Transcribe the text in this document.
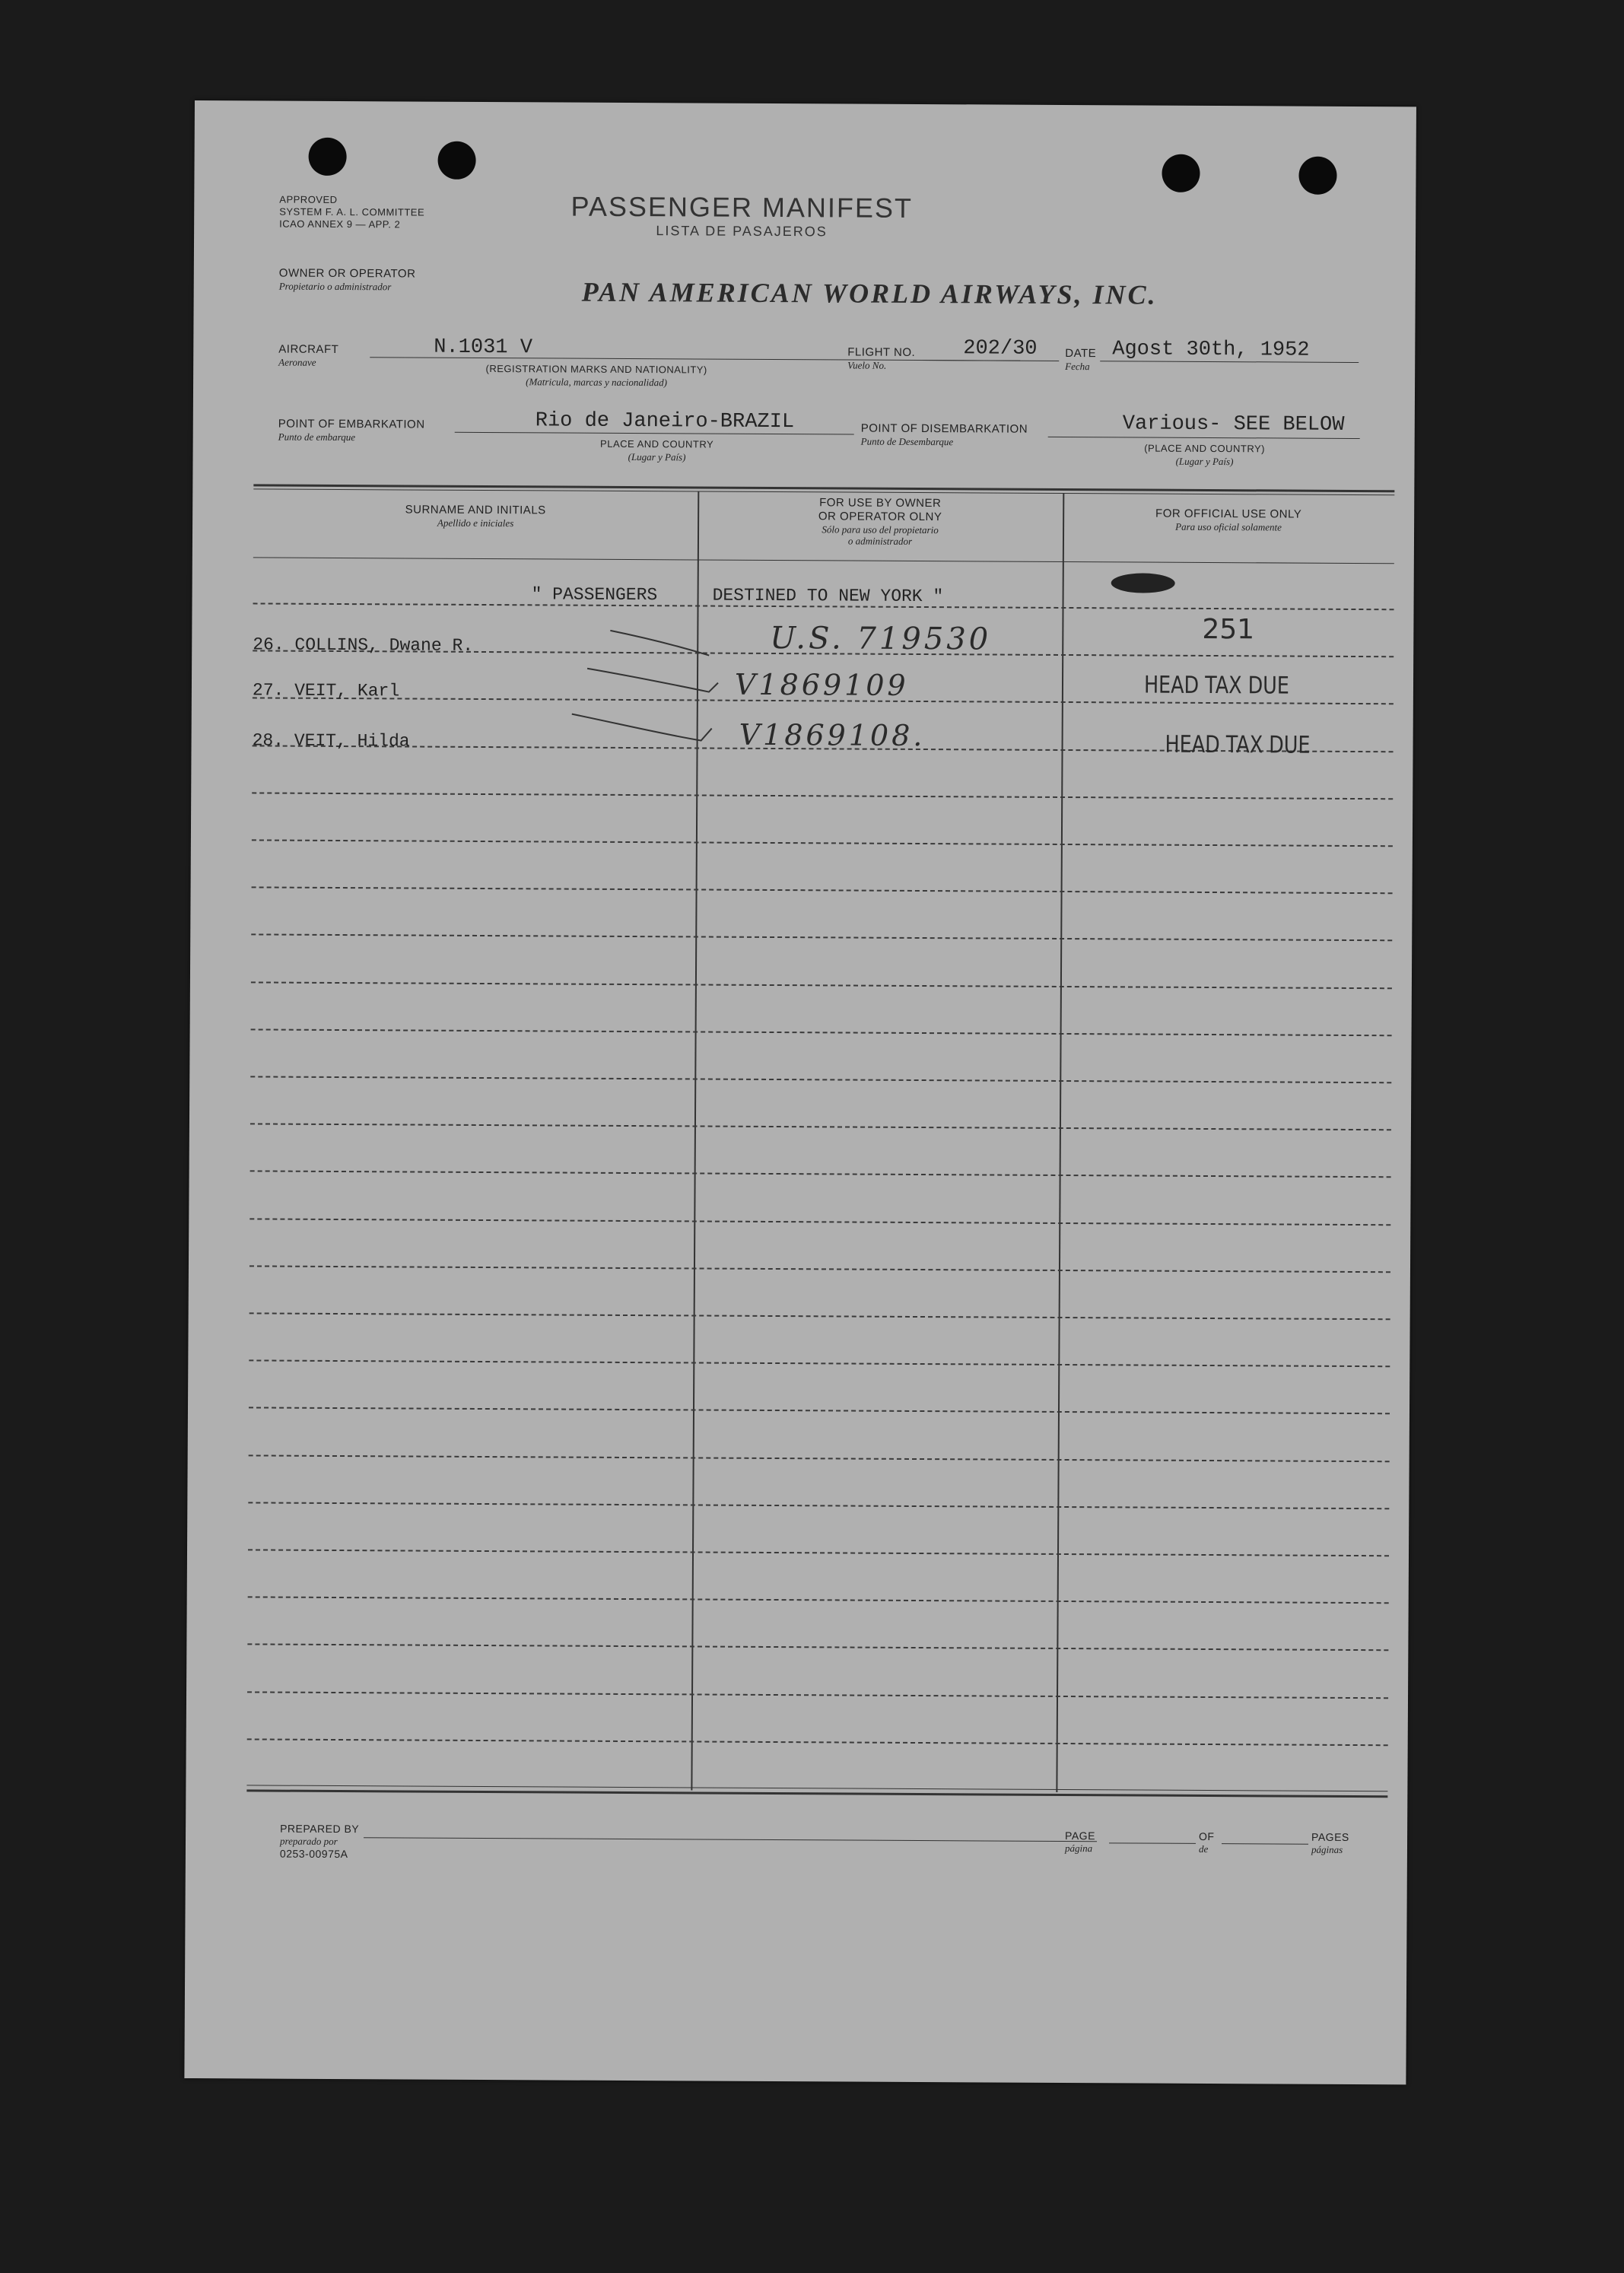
APPROVED
SYSTEM F. A. L. COMMITTEE
ICAO ANNEX 9 — APP. 2
PASSENGER MANIFEST
LISTA DE PASAJEROS
OWNER OR OPERATOR
Propietario o administrador	PAN AMERICAN WORLD AIRWAYS, INC.
AIRCRAFT
Aeronave
N.1031 V
(REGISTRATION MARKS AND NATIONALITY)
(Matricula, marcas y nacionalidad)
FLIGHT NO.
Vuelo No.
202/30 DATE
Fecha
Agost 30th, 1952
POINT OF EMBARKATION
Punto de embarque
Rio de Janeiro-BRAZIL
PLACE AND COUNTRY
(Lugar y País)
POINT OF DISEMBARKATION
Punto de Desembarque
Various- SEE BELOW
(PLACE AND COUNTRY)
(Lugar y País)
SURNAME AND INITIALS
Apellido e iniciales
FOR USE BY OWNER
OR OPERATOR OLNY
Sólo para uso del propietario
o administrador
FOR OFFICIAL USE ONLY
Para uso oficial solamente
" PASSENGERS	DESTINED TO NEW YORK "
26. COLLINS, Dwane R.	U.S. 719530	251
27. VEIT, Karl	V1869109	HEAD TAX DUE
28. VEIT, Hilda	V1869108.	HEAD TAX DUE
PREPARED BY
preparado por
0253-00975A
PAGE
página
OF
de
PAGES
páginas
